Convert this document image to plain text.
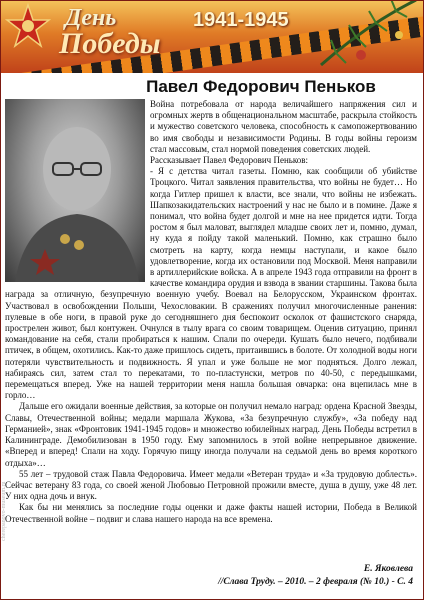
День
Победы
1941-1945
Павел Федорович Пеньков

Война потребовала от народа величайшего напряжения сил и огромных жертв в общенациональном масштабе, раскрыла стойкость и мужество советского человека, способность к самопожертвованию во имя свободы и независимости Родины. В годы войны героизм стал массовым, стал нормой поведения советских людей.

Рассказывает Павел Федорович Пеньков:

- Я с детства читал газеты. Помню, как сообщили об убийстве Троцкого. Читал заявления правительства, что войны не будет… Но когда Гитлер пришел к власти, все знали, что войны не избежать. Шапкозакидательских настроений у нас не было и в помине. Даже я понимал, что война будет долгой и мне на нее придется идти. Тогда ростом я был маловат, выглядел младше своих лет и, помню, думал, ну куда я пойду такой маленький. Помню, как страшно было смотреть на карту, когда немцы наступали, и какое было удовлетворение, когда их остановили под Москвой. Меня направили в артиллерийские войска. А в апреле 1943 года отправили на фронт в качестве командира орудия и взвода в звании старшины. Такова была награда за отличную, безупречную военную учебу. Воевал на Белорусском, Украинском фронтах. Участвовал в освобождении Польши, Чехословакии. В сражениях получил многочисленные ранения: пулевые в обе ноги, в правой руке до сегодняшнего дня беспокоит осколок от фашистского снаряда, прострелен живот, был контужен. Очнулся в тылу врага со своим товарищем. Оценив ситуацию, принял командование на себя, стали пробираться к нашим. Спали по очереди. Кушать было нечего, подбивали птичек, в общем, охотились. Как-то даже пришлось сидеть, притаившись в болоте. От холодной воды ноги потеряли чувствительность и подвижность. Я упал и уже больше не мог подняться. Долго лежал, набираясь сил, затем стал то перекатами, то по-пластунски, метров по 40-50, с передышками, перемещаться вперед. Уже на нашей территории меня нашла большая овчарка: она вцепилась мне в горло…

Дальше его ожидали военные действия, за которые он получил немало наград: ордена Красной Звезды, Славы, Отечественной войны; медали маршала Жукова, «За безупречную службу», «За победу над Германией», знак «Фронтовик 1941-1945 годов» и множество юбилейных наград. День Победы встретил в Калининграде. Демобилизован в 1950 году. Ему запомнилось в этой войне непрерывное движение. «Вперед и вперед! Спали на ходу. Горячую пищу иногда получали на седьмой день во время короткого отдыха»…

55 лет – трудовой стаж Павла Федоровича. Имеет медали «Ветеран труда» и «За трудовую доблесть». Сейчас ветерану 83 года, со своей женой Любовью Петровной прожили вместе, душа в душу, уже 48 лет. У них одна дочь и внук.

Как бы ни менялись за последние годы оценки и даже факты нашей истории, Победа в Великой Отечественной войне – подвиг и слава нашего народа на все времена.

Е. Яковлева
//Слава Труду. – 2010. – 2 февраля (№ 10.) - С. 4
cherepanovo-museum.ru
